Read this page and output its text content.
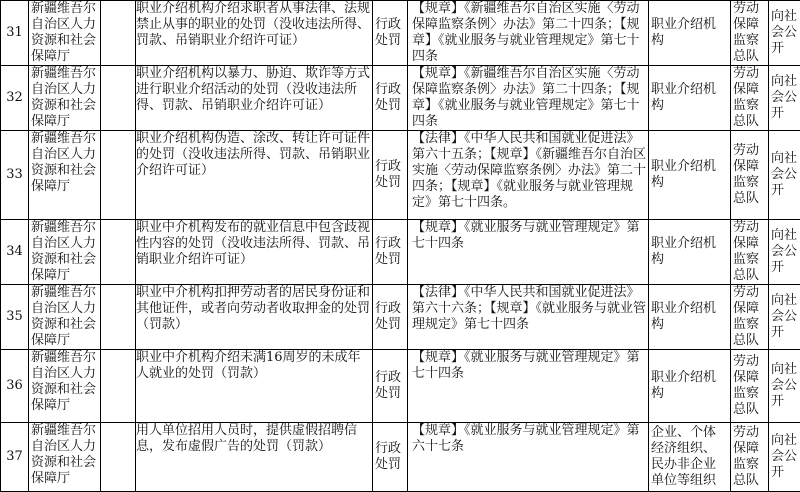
31	新疆维吾尔自治区人力资源和社会保障厅		职业介绍机构介绍求职者从事法律、法规禁止从事的职业的处罚（没收违法所得、罚款、吊销职业介绍许可证）	行政处罚	【规章】《新疆维吾尔自治区实施〈劳动保障监察条例〉办法》第二十四条；【规章】《就业服务与就业管理规定》第七十四条	职业介绍机构	劳动保障监察总队	向社会公开

32	新疆维吾尔自治区人力资源和社会保障厅		职业介绍机构以暴力、胁迫、欺诈等方式进行职业介绍活动的处罚（没收违法所得、罚款、吊销职业介绍许可证）	行政处罚	【规章】《新疆维吾尔自治区实施〈劳动保障监察条例〉办法》第二十四条；【规章】《就业服务与就业管理规定》第七十四条	职业介绍机构	劳动保障监察总队	向社会公开

33	新疆维吾尔自治区人力资源和社会保障厅		职业介绍机构伪造、涂改、转让许可证件的处罚（没收违法所得、罚款、吊销职业介绍许可证）	行政处罚	【法律】《中华人民共和国就业促进法》第六十五条；【规章】《新疆维吾尔自治区实施〈劳动保障监察条例〉办法》第二十四条；【规章】《就业服务与就业管理规定》第七十四条。	职业介绍机构	劳动保障监察总队	向社会公开

34	新疆维吾尔自治区人力资源和社会保障厅		职业中介机构发布的就业信息中包含歧视性内容的处罚（没收违法所得、罚款、吊销职业介绍许可证）	行政处罚	【规章】《就业服务与就业管理规定》第七十四条	职业介绍机构	劳动保障监察总队	向社会公开

35	新疆维吾尔自治区人力资源和社会保障厅		职业中介机构扣押劳动者的居民身份证和其他证件，或者向劳动者收取押金的处罚（罚款）	行政处罚	【法律】《中华人民共和国就业促进法》第六十六条；【规章】《就业服务与就业管理规定》第七十四条	职业介绍机构	劳动保障监察总队	向社会公开

36	新疆维吾尔自治区人力资源和社会保障厅		职业中介机构介绍未满16周岁的未成年人就业的处罚（罚款）	行政处罚	【规章】《就业服务与就业管理规定》第七十四条	职业介绍机构	劳动保障监察总队	向社会公开

37	新疆维吾尔自治区人力资源和社会保障厅		用人单位招用人员时，提供虚假招聘信息，发布虚假广告的处罚（罚款）	行政处罚	【规章】《就业服务与就业管理规定》第六十七条	企业、个体经济组织、民办非企业单位等组织	劳动保障监察总队	向社会公开
